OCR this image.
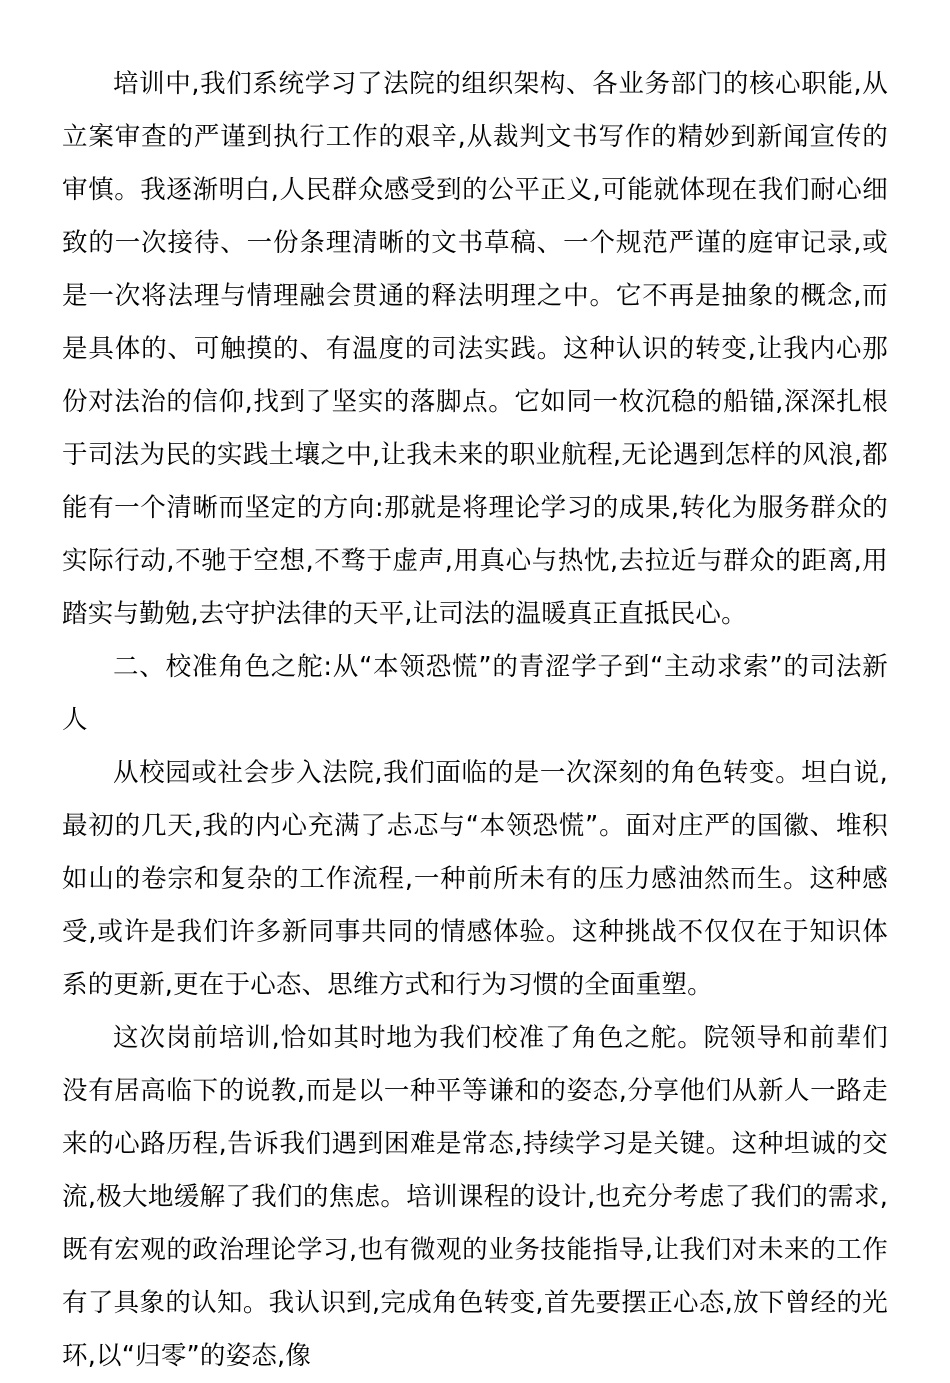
培训中,我们系统学习了法院的组织架构、各业务部门的核心职能,从立案审查的严谨到执行工作的艰辛,从裁判文书写作的精妙到新闻宣传的审慎。我逐渐明白,人民群众感受到的公平正义,可能就体现在我们耐心细致的一次接待、一份条理清晰的文书草稿、一个规范严谨的庭审记录,或是一次将法理与情理融会贯通的释法明理之中。它不再是抽象的概念,而是具体的、可触摸的、有温度的司法实践。这种认识的转变,让我内心那份对法治的信仰,找到了坚实的落脚点。它如同一枚沉稳的船锚,深深扎根于司法为民的实践土壤之中,让我未来的职业航程,无论遇到怎样的风浪,都能有一个清晰而坚定的方向:那就是将理论学习的成果,转化为服务群众的实际行动,不驰于空想,不骛于虚声,用真心与热忱,去拉近与群众的距离,用踏实与勤勉,去守护法律的天平,让司法的温暖真正直抵民心。

二、校准角色之舵:从“本领恐慌”的青涩学子到“主动求索”的司法新人

从校园或社会步入法院,我们面临的是一次深刻的角色转变。坦白说,最初的几天,我的内心充满了忐忑与“本领恐慌”。面对庄严的国徽、堆积如山的卷宗和复杂的工作流程,一种前所未有的压力感油然而生。这种感受,或许是我们许多新同事共同的情感体验。这种挑战不仅仅在于知识体系的更新,更在于心态、思维方式和行为习惯的全面重塑。

这次岗前培训,恰如其时地为我们校准了角色之舵。院领导和前辈们没有居高临下的说教,而是以一种平等谦和的姿态,分享他们从新人一路走来的心路历程,告诉我们遇到困难是常态,持续学习是关键。这种坦诚的交流,极大地缓解了我们的焦虑。培训课程的设计,也充分考虑了我们的需求,既有宏观的政治理论学习,也有微观的业务技能指导,让我们对未来的工作有了具象的认知。我认识到,完成角色转变,首先要摆正心态,放下曾经的光环,以“归零”的姿态,像
